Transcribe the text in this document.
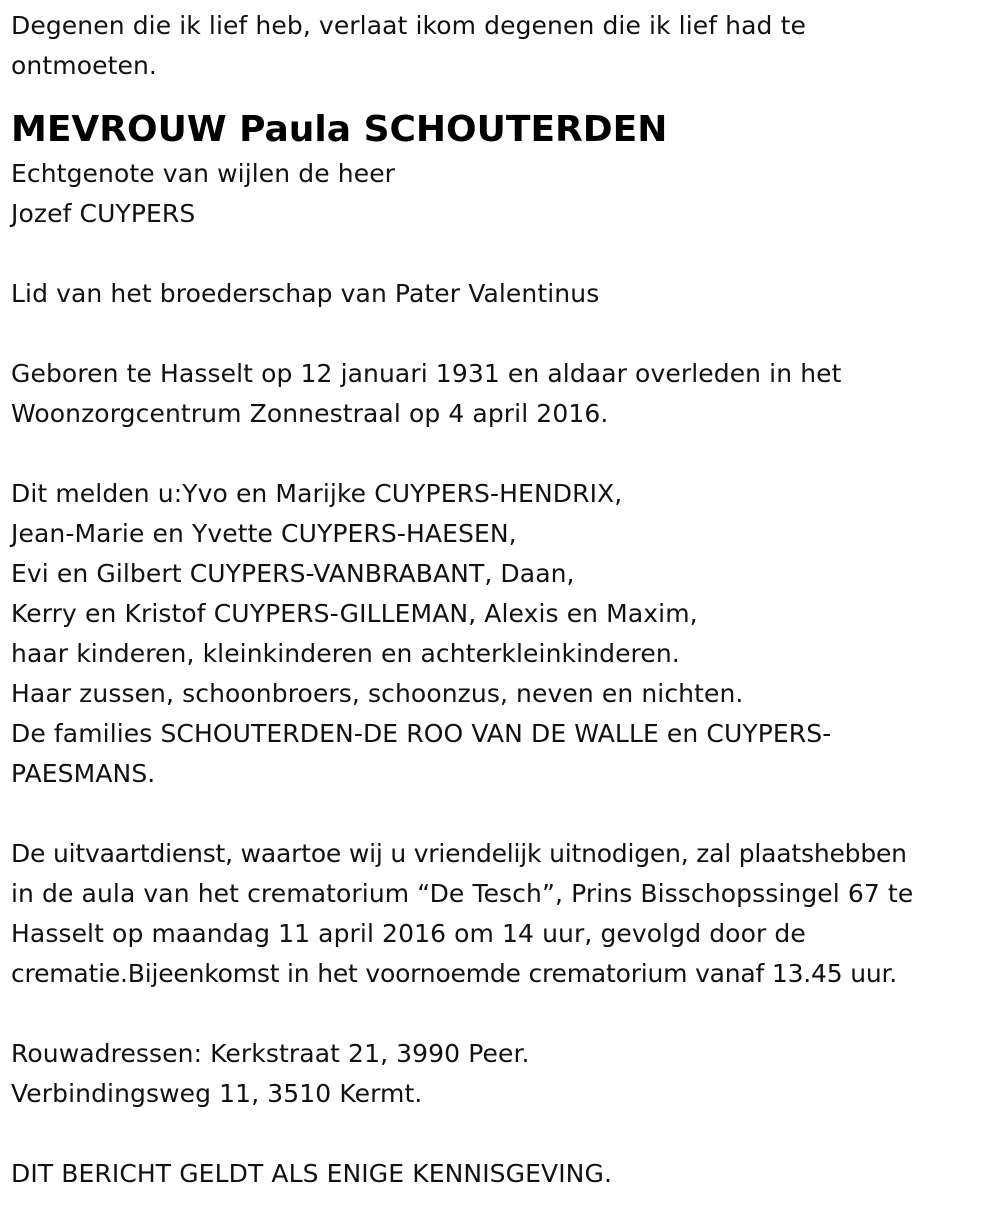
Degenen die ik lief heb, verlaat ikom degenen die ik lief had te
ontmoeten.
MEVROUW Paula SCHOUTERDEN
Echtgenote van wijlen de heer
Jozef CUYPERS
Lid van het broederschap van Pater Valentinus
Geboren te Hasselt op 12 januari 1931 en aldaar overleden in het
Woonzorgcentrum Zonnestraal op 4 april 2016.
Dit melden u:Yvo en Marijke CUYPERS-HENDRIX,
Jean-Marie en Yvette CUYPERS-HAESEN,
Evi en Gilbert CUYPERS-VANBRABANT, Daan,
Kerry en Kristof CUYPERS-GILLEMAN, Alexis en Maxim,
haar kinderen, kleinkinderen en achterkleinkinderen.
Haar zussen, schoonbroers, schoonzus, neven en nichten.
De families SCHOUTERDEN-DE ROO VAN DE WALLE en CUYPERS-
PAESMANS.
De uitvaartdienst, waartoe wij u vriendelijk uitnodigen, zal plaatshebben
in de aula van het crematorium “De Tesch”, Prins Bisschopssingel 67 te
Hasselt op maandag 11 april 2016 om 14 uur, gevolgd door de
crematie.Bijeenkomst in het voornoemde crematorium vanaf 13.45 uur.
Rouwadressen: Kerkstraat 21, 3990 Peer.
Verbindingsweg 11, 3510 Kermt.
DIT BERICHT GELDT ALS ENIGE KENNISGEVING.
